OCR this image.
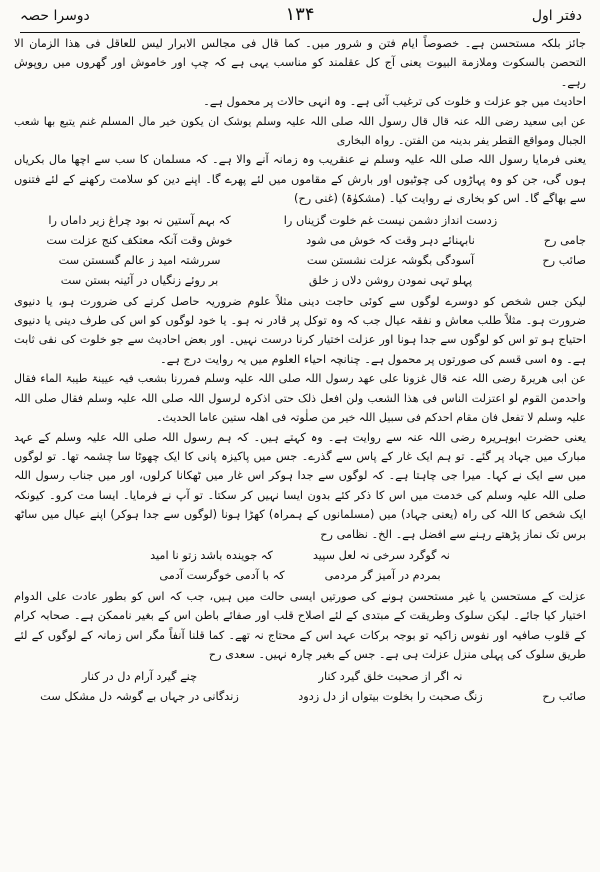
دفتر اول
۱۳۴
دوسرا حصہ

جائز بلکہ مستحسن ہے۔ خصوصاً ایام فتن و شرور میں۔ کما قال فی مجالس الابرار لیس للعاقل فی هذا الزمان الا التحصن بالسکوت وملازمة البیوت یعنی آج کل عقلمند کو مناسب یہی ہے کہ چپ اور خاموش اور گھروں میں روپوش رہے۔

احادیث میں جو عزلت و خلوت کی ترغیب آئی ہے۔ وہ انہی حالات پر محمول ہے۔

عن ابی سعید رضی اللہ عنہ قال قال رسول اللہ صلی اللہ علیہ وسلم یوشک ان یکون خیر مال المسلم غنم یتبع بھا شعب الجبال ومواقع القطر یفر بدینہ من الفتن۔ رواہ البخاری

یعنی فرمایا رسول اللہ صلی اللہ علیہ وسلم نے عنقریب وہ زمانہ آنے والا ہے۔ کہ مسلمان کا سب سے اچھا مال بکریاں ہوں گی، جن کو وہ پہاڑوں کی چوٹیوں اور بارش کے مقاموں میں لئے پھرے گا۔ اپنے دین کو سلامت رکھنے کے لئے فتنوں سے بھاگے گا۔ اس کو بخاری نے روایت کیا۔ (مشکوٰۃ) (غنی رح)

زدست انداز دشمن نیست غم خلوت گزیناں را
کہ بہم آستین نہ بود چراغ زیر داماں را
جامی رح
نابہنائے دہر وقت کہ خوش می شود
خوش وقت آنکہ معتکف کنج عزلت ست
صائب رح
آسودگی بگوشہ عزلت نشستن ست
سررشتہ امید ز عالم گسستن ست
پہلو تہی نمودن روشن دلاں ز خلق
بر روئے زنگیاں در آئینہ بستن ست

لیکن جس شخص کو دوسرے لوگوں سے کوئی حاجت دینی مثلاً علوم ضروریہ حاصل کرنے کی ضرورت ہو، یا دنیوی ضرورت ہو۔ مثلاً طلب معاش و نفقہ عیال جب کہ وہ توکل پر قادر نہ ہو۔ یا خود لوگوں کو اس کی طرف دینی یا دنیوی احتیاج ہو تو اس کو لوگوں سے جدا ہونا اور عزلت اختیار کرنا درست نہیں۔ اور بعض احادیث سے جو خلوت کی نفی ثابت ہے۔ وہ اسی قسم کی صورتوں پر محمول ہے۔ چنانچہ احیاء العلوم میں یہ روایت درج ہے۔

عن ابی ھریرۃ رضی اللہ عنہ قال غزونا علی عھد رسول اللہ صلی اللہ علیہ وسلم فمررنا بشعب فیہ عیینۃ طیبۃ الماء فقال واحدمن القوم لو اعتزلت الناس فی ھذا الشعب ولن افعل ذلک حتی اذکرہ لرسول اللہ صلی اللہ علیہ وسلم فقال صلی اللہ علیہ وسلم لا تفعل فان مقام احدکم فی سبیل اللہ خیر من صلٰوتہ فی اھلہ ستین عاما الحدیث۔

یعنی حضرت ابوہریرہ رضی اللہ عنہ سے روایت ہے۔ وہ کہتے ہیں۔ کہ ہم رسول اللہ صلی اللہ علیہ وسلم کے عہد مبارک میں جہاد پر گئے۔ تو ہم ایک غار کے پاس سے گذرے۔ جس میں پاکیزہ پانی کا ایک چھوٹا سا چشمہ تھا۔ تو لوگوں میں سے ایک نے کہا۔ میرا جی چاہتا ہے۔ کہ لوگوں سے جدا ہوکر اس غار میں ٹھکانا کرلوں، اور میں جناب رسول اللہ صلی اللہ علیہ وسلم کی خدمت میں اس کا ذکر کئے بدون ایسا نہیں کر سکتا۔ تو آپ نے فرمایا۔ ایسا مت کرو۔ کیونکہ ایک شخص کا اللہ کی راہ (یعنی جہاد) میں (مسلمانوں کے ہمراہ) کھڑا ہونا (لوگوں سے جدا ہوکر) اپنے عیال میں ساٹھ برس تک نماز پڑھتے رہنے سے افضل ہے۔ الخ۔ نظامی رح

نہ گوگرد سرخی نہ لعل سپید
کہ جوینده باشد زتو نا امید
بمردم در آمیز گر مردمی
کہ با آدمی خوگرست آدمی

عزلت کے مستحسن یا غیر مستحسن ہونے کی صورتیں ایسی حالت میں ہیں، جب کہ اس کو بطور عادت علی الدوام اختیار کیا جائے۔ لیکن سلوک وطریقت کے مبتدی کے لئے اصلاح قلب اور صفائے باطن اس کے بغیر ناممکن ہے۔ صحابہ کرام کے قلوب صافیہ اور نفوس زاکیہ تو بوجہ برکات عہد اس کے محتاج نہ تھے۔ کما قلنا آنفاً مگر اس زمانہ کے لوگوں کے لئے طریق سلوک کی پہلی منزل عزلت ہی ہے۔ جس کے بغیر چارہ نہیں۔ سعدی رح

نہ اگر از صحبت خلق گیرد کنار
چنے گیرد آرام دل در کنار
صائب رح
زنگ صحبت را بخلوت بیتواں از دل زدود
زندگانی در جہاں بے گوشہ دل مشکل ست
